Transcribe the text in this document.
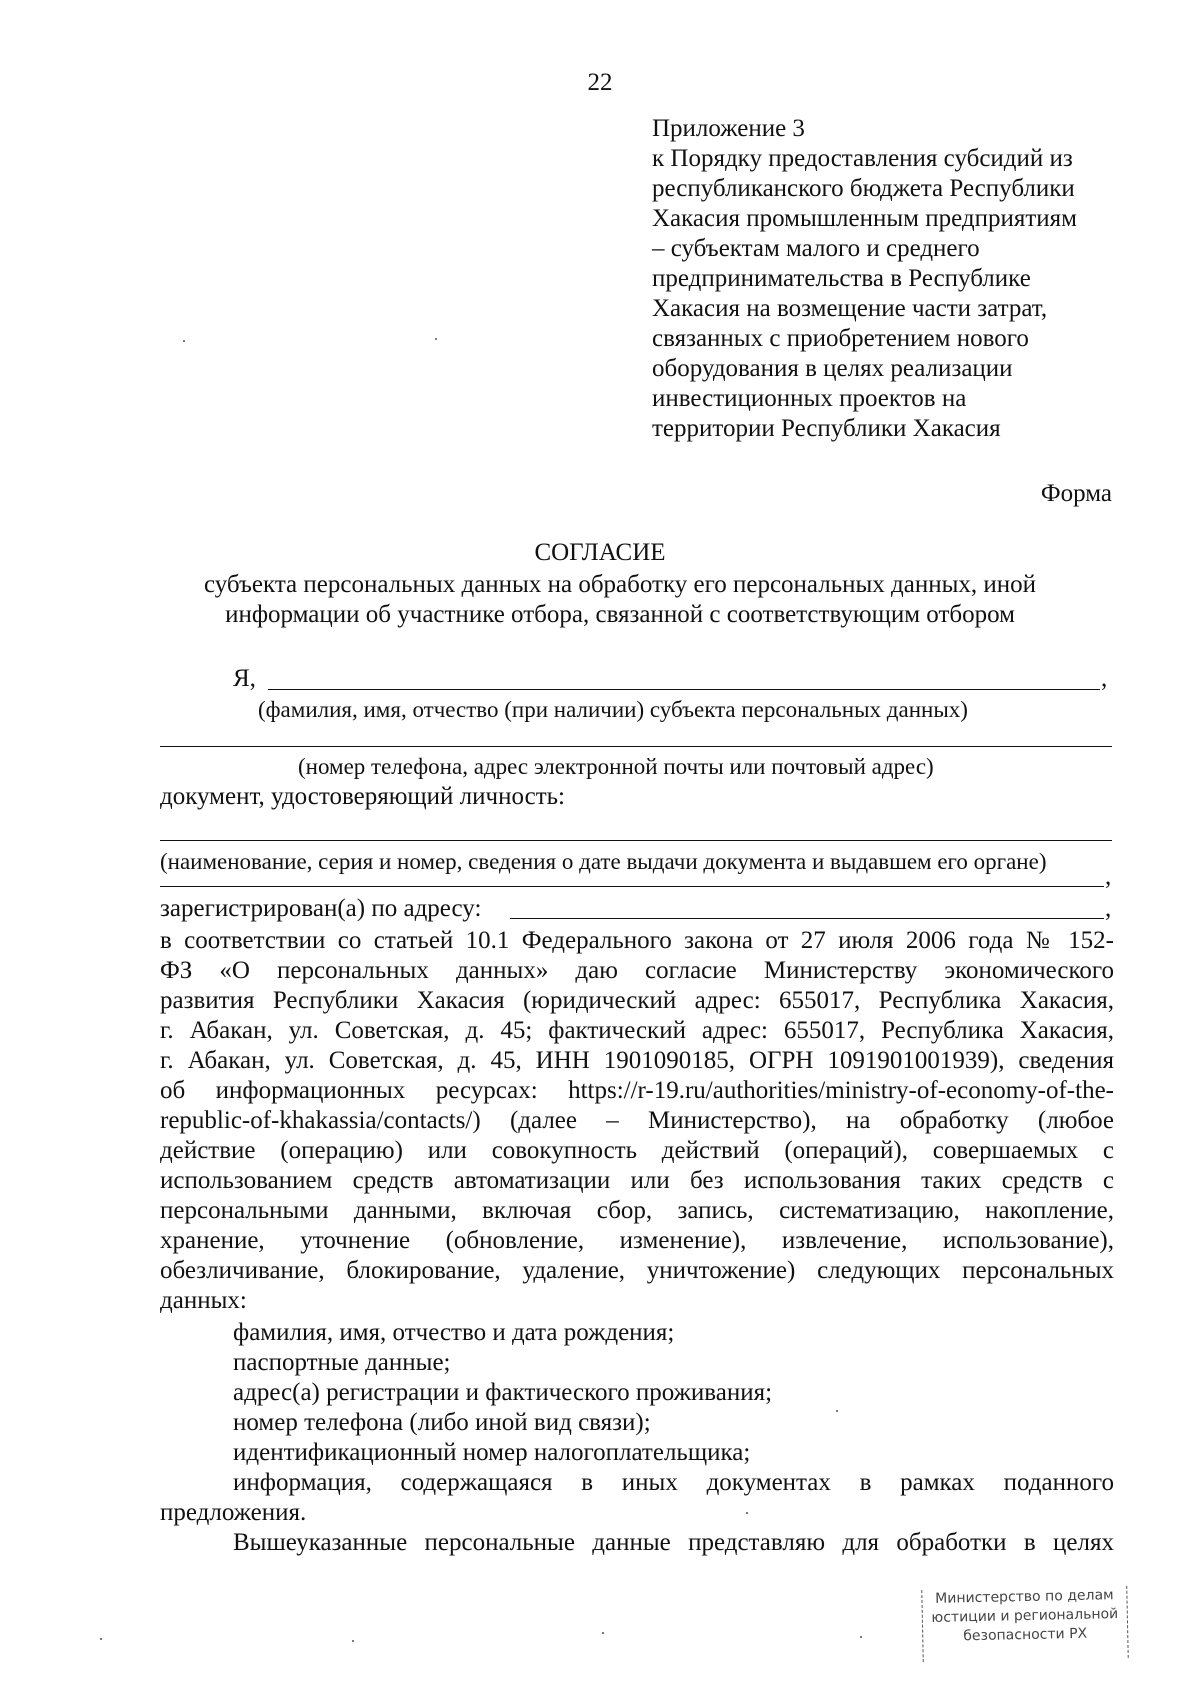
22
Приложение 3
к Порядку предоставления субсидий из
республиканского бюджета Республики
Хакасия промышленным предприятиям
– субъектам малого и среднего
предпринимательства в Республике
Хакасия на возмещение части затрат,
связанных с приобретением нового
оборудования в целях реализации
инвестиционных проектов на
территории Республики Хакасия
Форма
СОГЛАСИЕ
субъекта персональных данных на обработку его персональных данных, иной
информации об участнике отбора, связанной с соответствующим отбором
Я,	,
(фамилия, имя, отчество (при наличии) субъекта персональных данных)
(номер телефона, адрес электронной почты или почтовый адрес)
документ, удостоверяющий личность:
(наименование, серия и номер, сведения о дате выдачи документа и выдавшем его органе)
,
зарегистрирован(а) по адресу:	,
в соответствии со статьей 10.1 Федерального закона от 27 июля 2006 года № 152-
ФЗ «О персональных данных» даю согласие Министерству экономического
развития Республики Хакасия (юридический адрес: 655017, Республика Хакасия,
г. Абакан, ул. Советская, д. 45; фактический адрес: 655017, Республика Хакасия,
г. Абакан, ул. Советская, д. 45, ИНН 1901090185, ОГРН 1091901001939), сведения
об информационных ресурсах: https://r-19.ru/authorities/ministry-of-economy-of-the-
republic-of-khakassia/contacts/) (далее – Министерство), на обработку (любое
действие (операцию) или совокупность действий (операций), совершаемых с
использованием средств автоматизации или без использования таких средств с
персональными данными, включая сбор, запись, систематизацию, накопление,
хранение, уточнение (обновление, изменение), извлечение, использование),
обезличивание, блокирование, удаление, уничтожение) следующих персональных
данных:
фамилия, имя, отчество и дата рождения;
паспортные данные;
адрес(а) регистрации и фактического проживания;
номер телефона (либо иной вид связи);
идентификационный номер налогоплательщика;
информация, содержащаяся в иных документах в рамках поданного
предложения.
Вышеуказанные персональные данные представляю для обработки в целях
Министерство по делам
юстиции и региональной
безопасности РХ
